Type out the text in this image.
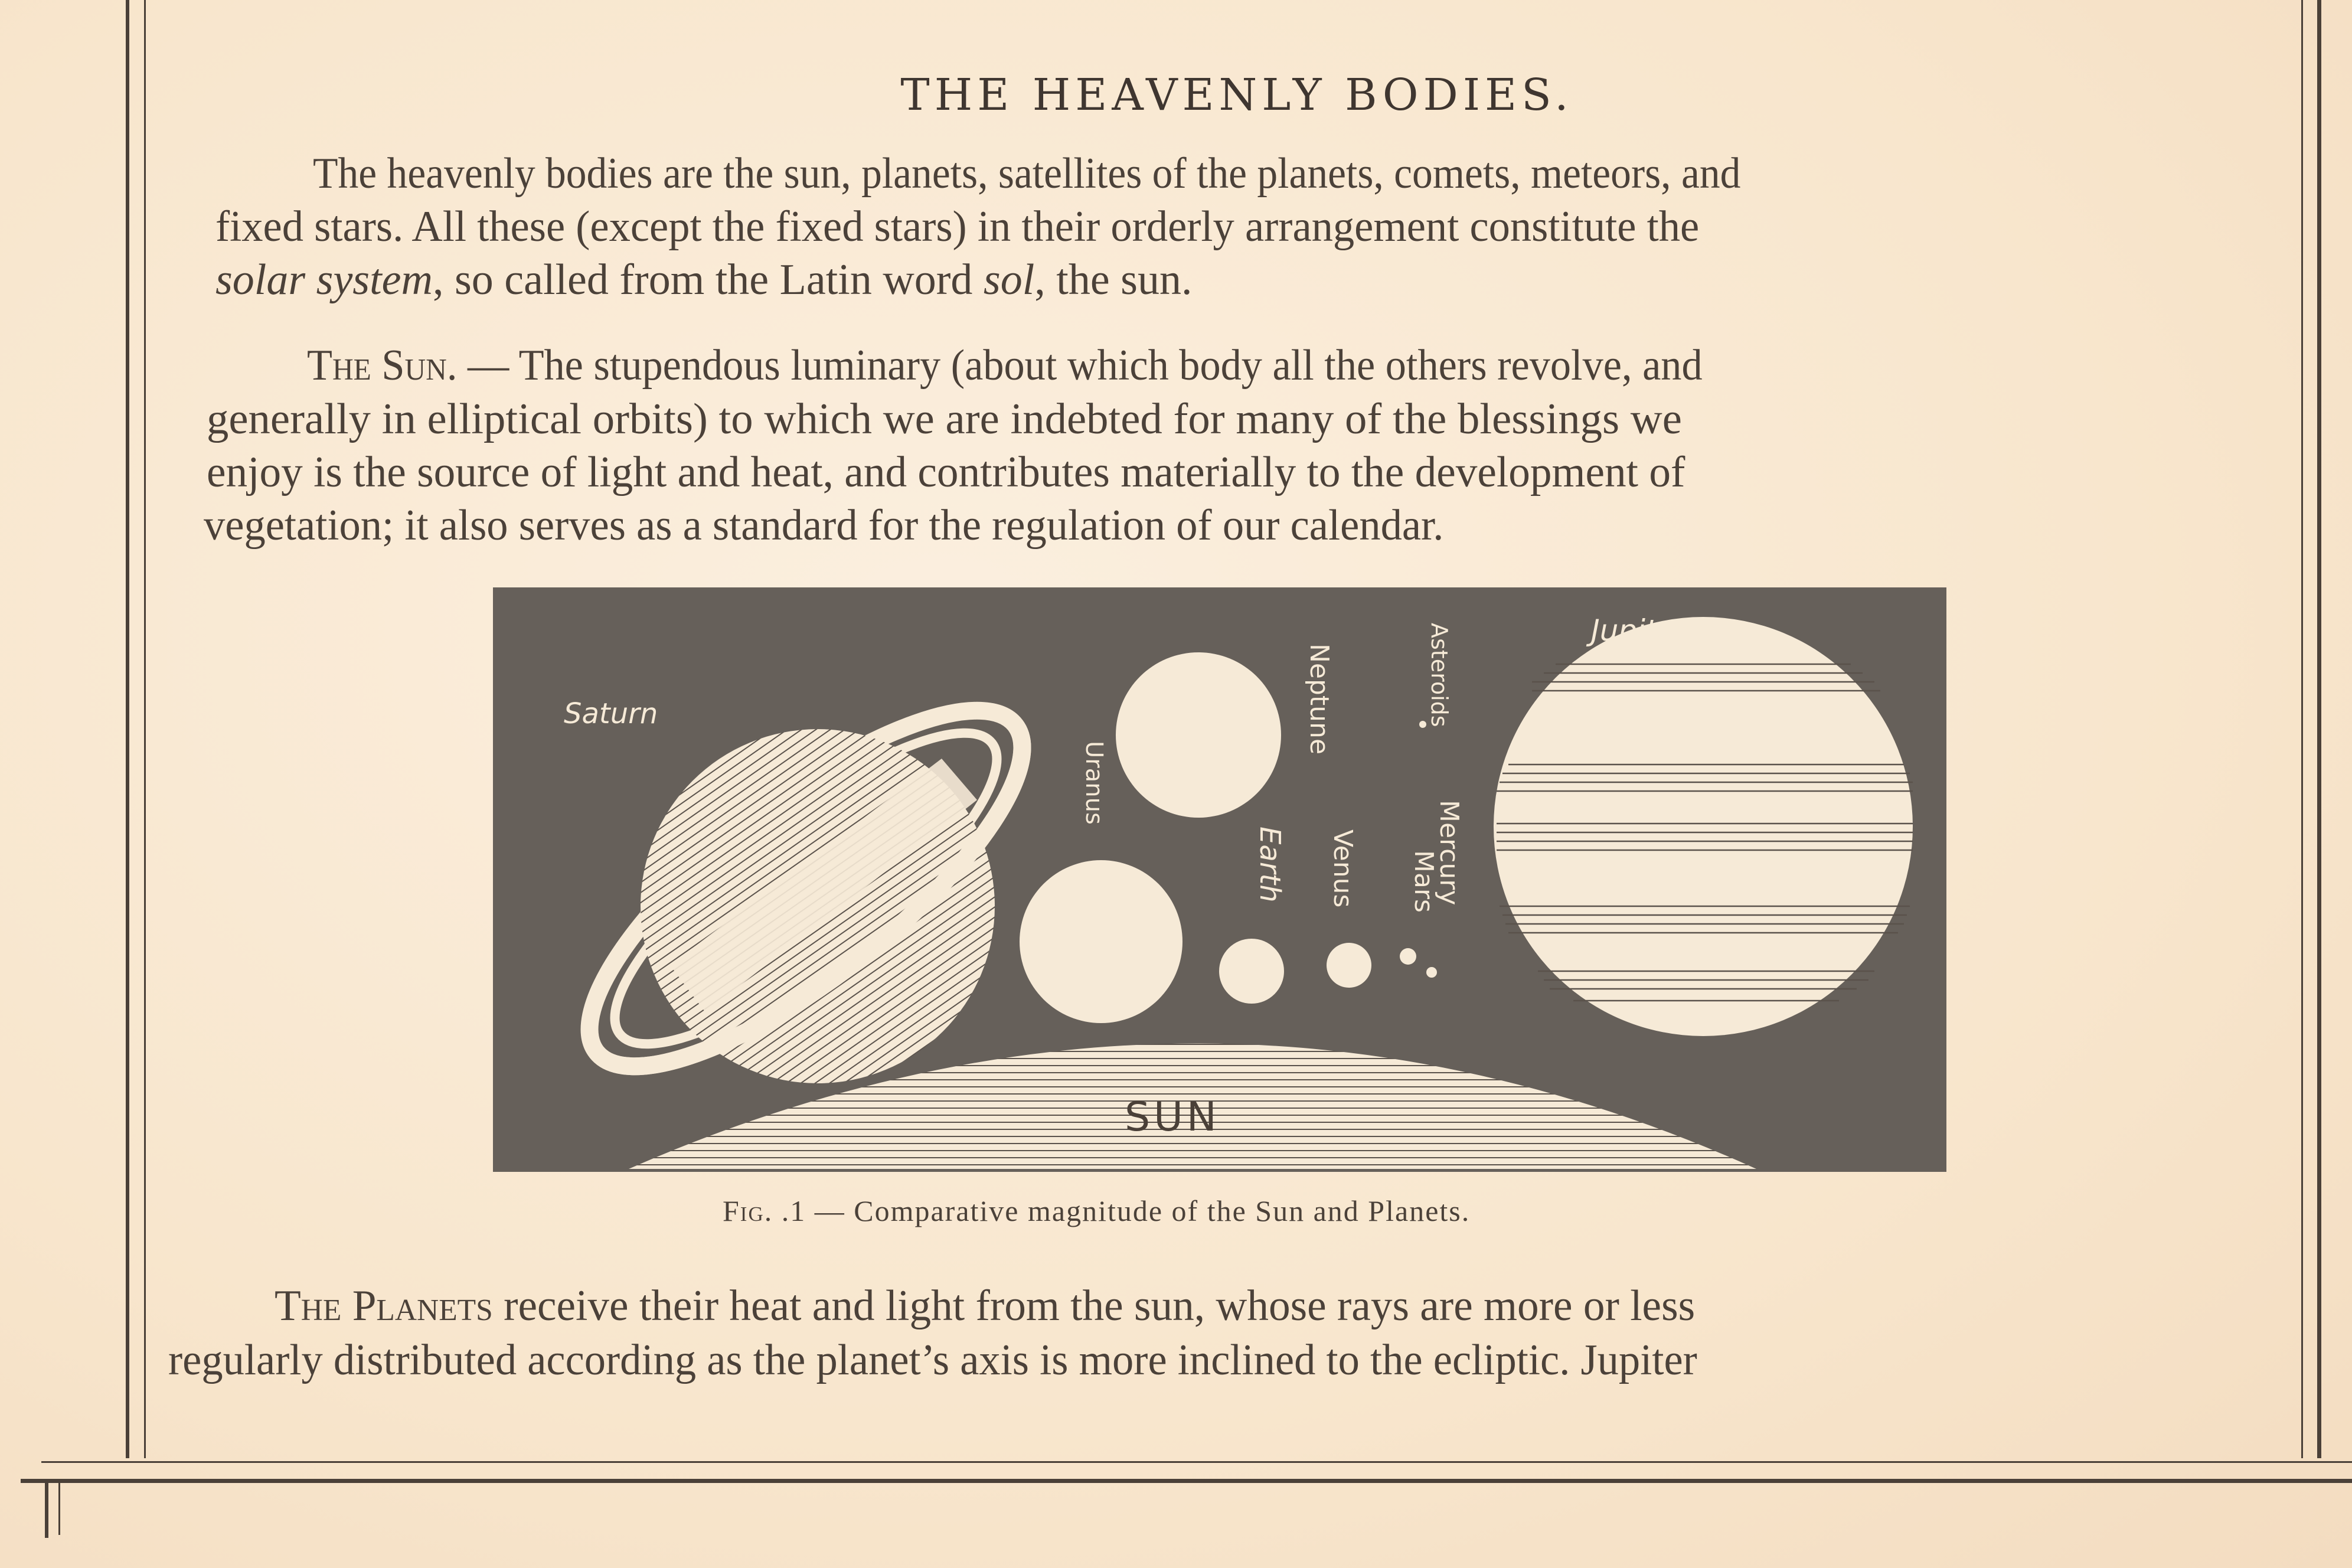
THE HEAVENLY BODIES.
The heavenly bodies are the sun, planets, satellites of the planets, comets, meteors, and
fixed stars. All these (except the fixed stars) in their orderly arrangement constitute the
solar system, so called from the Latin word sol, the sun.
The Sun. — The stupendous luminary (about which body all the others revolve, and
generally in elliptical orbits) to which we are indebted for many of the blessings we
enjoy is the source of light and heat, and contributes materially to the development of
vegetation; it also serves as a standard for the regulation of our calendar.
SUN
Saturn	Neptune
Uranus
Earth Venus
Asteroids
Mercury
Mars
Jupiter
Fig. .1 — Comparative magnitude of the Sun and Planets.
The Planets receive their heat and light from the sun, whose rays are more or less
regularly distributed according as the planet’s axis is more inclined to the ecliptic. Jupiter
